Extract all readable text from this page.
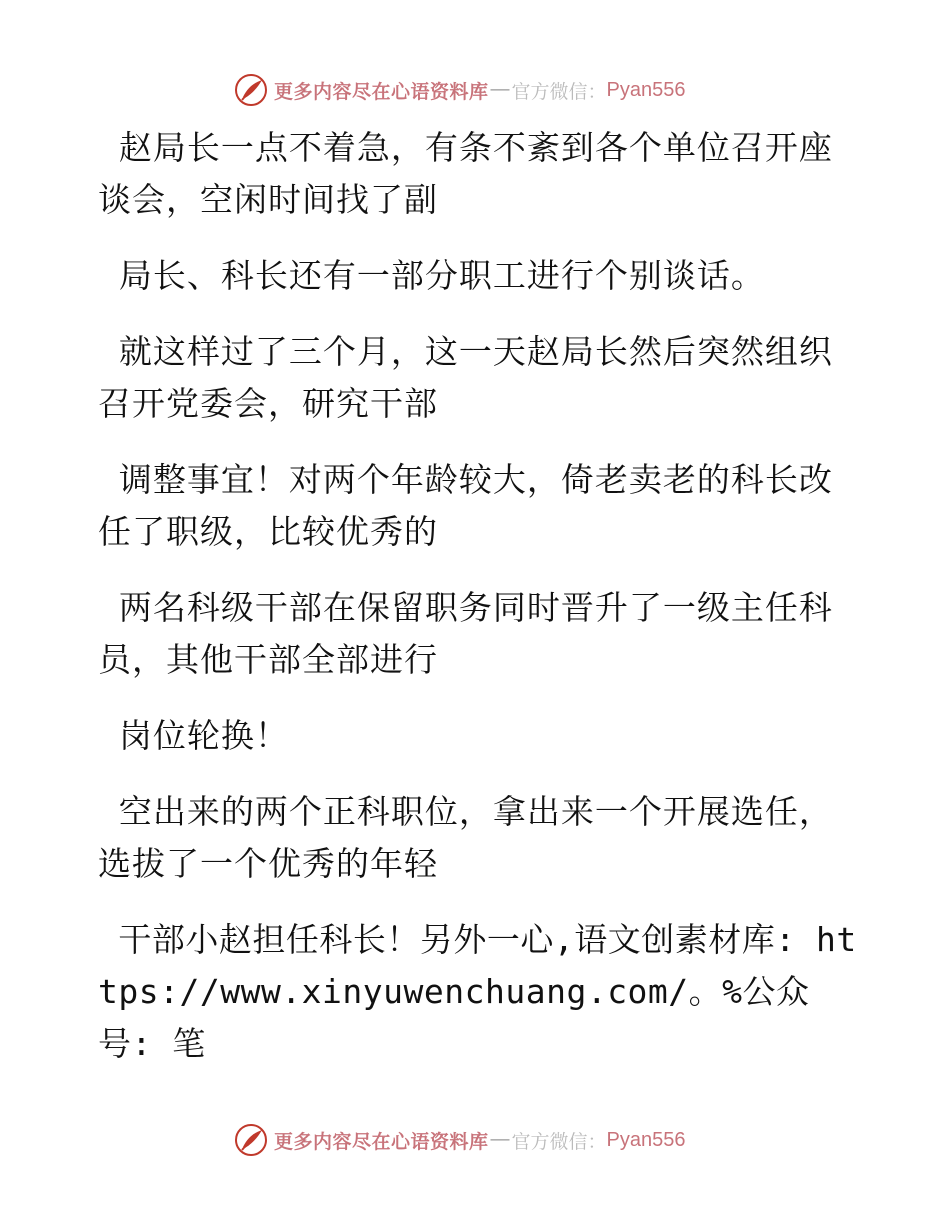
更多内容尽在心语资料库 — 官方微信： Pyan556

赵局长一点不着急，有条不紊到各个单位召开座谈会，空闲时间找了副

局长、科长还有一部分职工进行个别谈话。

就这样过了三个月，这一天赵局长然后突然组织召开党委会，研究干部

调整事宜！对两个年龄较大，倚老卖老的科长改任了职级，比较优秀的

两名科级干部在保留职务同时晋升了一级主任科员，其他干部全部进行

岗位轮换！

空出来的两个正科职位，拿出来一个开展选任，选拔了一个优秀的年轻

干部小赵担任科长！另外一心,语文创素材库: https://www.xinyuwenchuang.com/。%公众号: 笔

更多内容尽在心语资料库 — 官方微信： Pyan556
